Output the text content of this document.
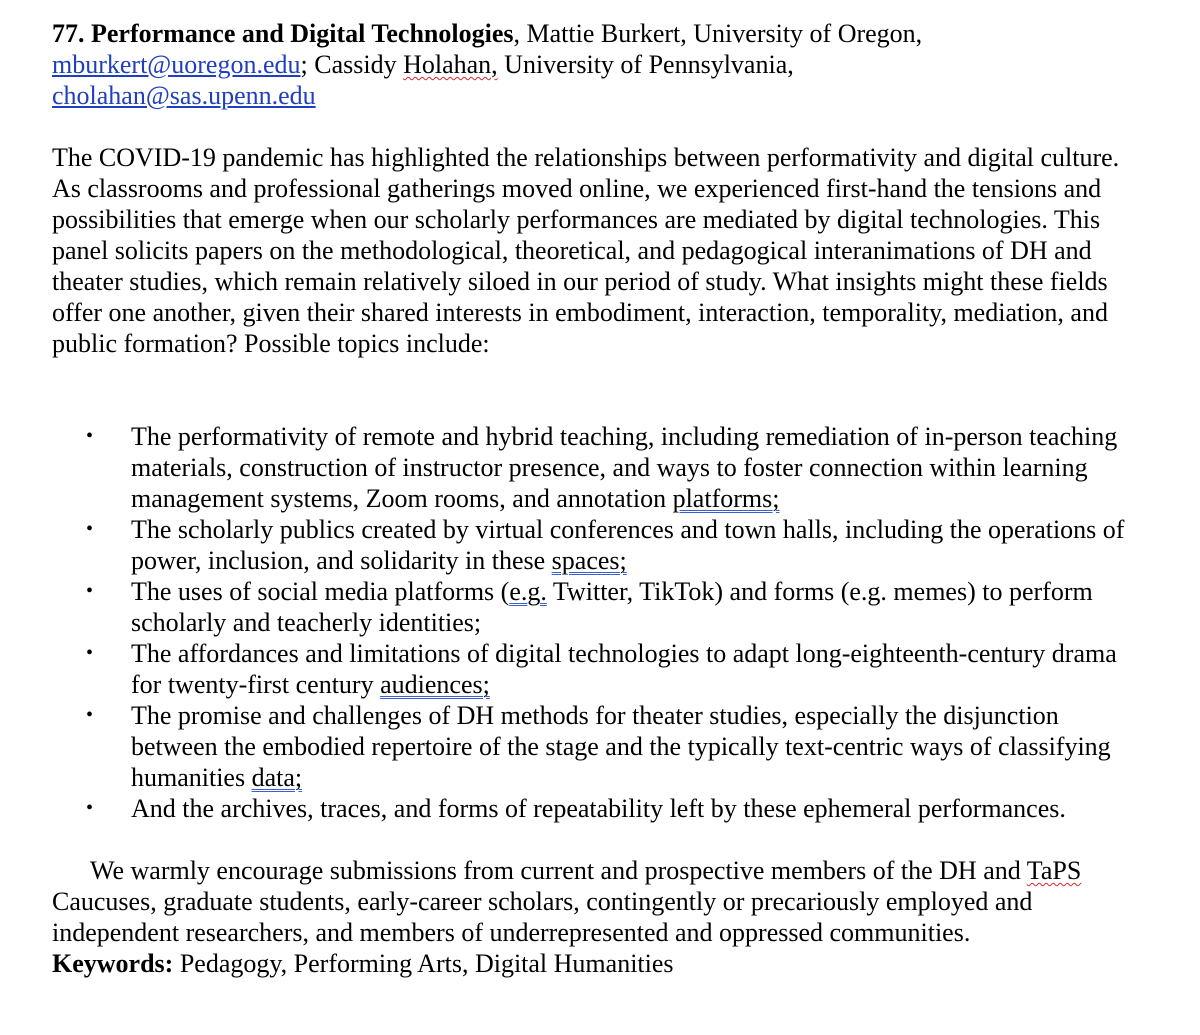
77. Performance and Digital Technologies, Mattie Burkert, University of Oregon,
mburkert@uoregon.edu; Cassidy Holahan, University of Pennsylvania,
cholahan@sas.upenn.edu

The COVID-19 pandemic has highlighted the relationships between performativity and digital culture. As classrooms and professional gatherings moved online, we experienced first-hand the tensions and possibilities that emerge when our scholarly performances are mediated by digital technologies. This panel solicits papers on the methodological, theoretical, and pedagogical interanimations of DH and theater studies, which remain relatively siloed in our period of study. What insights might these fields offer one another, given their shared interests in embodiment, interaction, temporality, mediation, and public formation? Possible topics include:

• The performativity of remote and hybrid teaching, including remediation of in-person teaching materials, construction of instructor presence, and ways to foster connection within learning management systems, Zoom rooms, and annotation platforms;
• The scholarly publics created by virtual conferences and town halls, including the operations of power, inclusion, and solidarity in these spaces;
• The uses of social media platforms (e.g. Twitter, TikTok) and forms (e.g. memes) to perform scholarly and teacherly identities;
• The affordances and limitations of digital technologies to adapt long-eighteenth-century drama for twenty-first century audiences;
• The promise and challenges of DH methods for theater studies, especially the disjunction between the embodied repertoire of the stage and the typically text-centric ways of classifying humanities data;
• And the archives, traces, and forms of repeatability left by these ephemeral performances.

We warmly encourage submissions from current and prospective members of the DH and TaPS Caucuses, graduate students, early-career scholars, contingently or precariously employed and independent researchers, and members of underrepresented and oppressed communities.

Keywords: Pedagogy, Performing Arts, Digital Humanities
